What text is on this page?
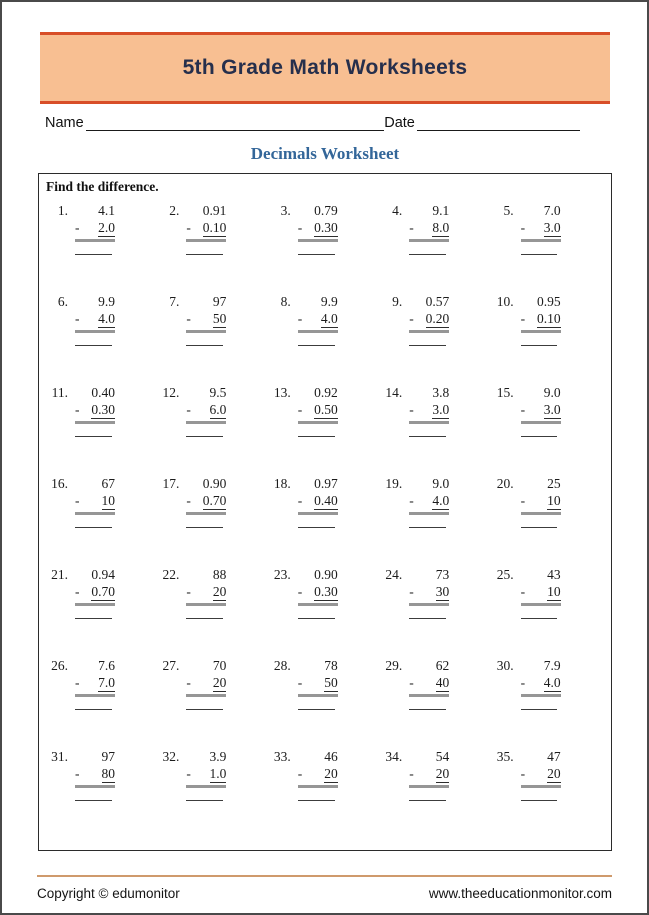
5th Grade Math Worksheets
Name	Date
Decimals Worksheet
Find the difference.
1.	4.1
- 2.0
2.	0.91
- 0.10
3.	0.79
- 0.30
4.	9.1
- 8.0
5.	7.0
- 3.0
6.	9.9
- 4.0
7.	97
- 50
8.	9.9
- 4.0
9.	0.57
- 0.20
10.	0.95
- 0.10
11.	0.40
- 0.30
12.	9.5
- 6.0
13.	0.92
- 0.50
14.	3.8
- 3.0
15.	9.0
- 3.0
16.	67
- 10
17.	0.90
- 0.70
18.	0.97
- 0.40
19.	9.0
- 4.0
20.	25
- 10
21.	0.94
- 0.70
22.	88
- 20
23.	0.90
- 0.30
24.	73
- 30
25.	43
- 10
26.	7.6
- 7.0
27.	70
- 20
28.	78
- 50
29.	62
- 40
30.	7.9
- 4.0
31.	97
- 80
32.	3.9
- 1.0
33.	46
- 20
34.	54
- 20
35.	47
- 20
Copyright © edumonitor	www.theeducationmonitor.com
